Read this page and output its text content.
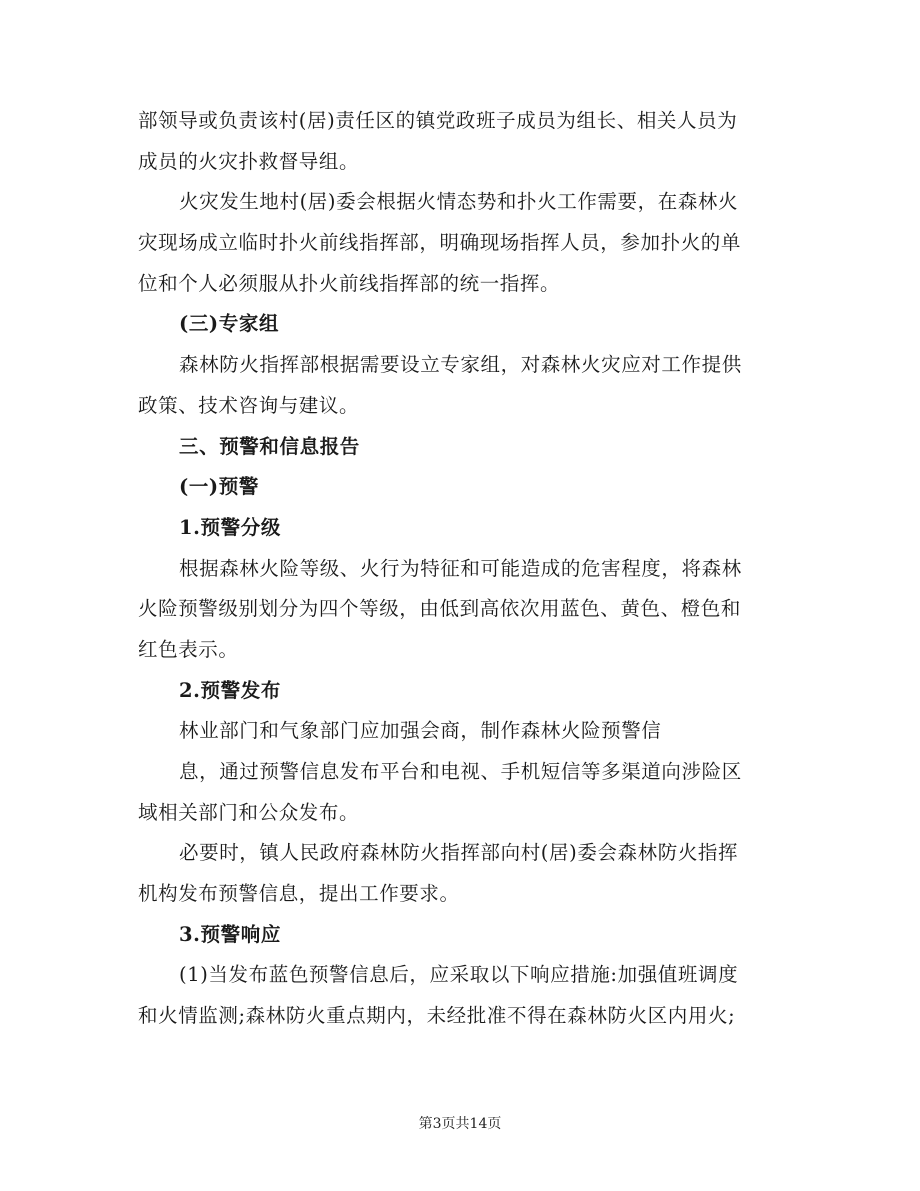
部领导或负责该村(居)责任区的镇党政班子成员为组长、相关人员为
成员的火灾扑救督导组。
火灾发生地村(居)委会根据火情态势和扑火工作需要，在森林火
灾现场成立临时扑火前线指挥部，明确现场指挥人员，参加扑火的单
位和个人必须服从扑火前线指挥部的统一指挥。
(三)专家组
森林防火指挥部根据需要设立专家组，对森林火灾应对工作提供
政策、技术咨询与建议。
三、预警和信息报告
(一)预警
1.预警分级
根据森林火险等级、火行为特征和可能造成的危害程度，将森林
火险预警级别划分为四个等级，由低到高依次用蓝色、黄色、橙色和
红色表示。
2.预警发布
林业部门和气象部门应加强会商，制作森林火险预警信
息，通过预警信息发布平台和电视、手机短信等多渠道向涉险区
域相关部门和公众发布。
必要时，镇人民政府森林防火指挥部向村(居)委会森林防火指挥
机构发布预警信息，提出工作要求。
3.预警响应
(1)当发布蓝色预警信息后，应采取以下响应措施:加强值班调度
和火情监测;森林防火重点期内，未经批准不得在森林防火区内用火;
第3页共14页
